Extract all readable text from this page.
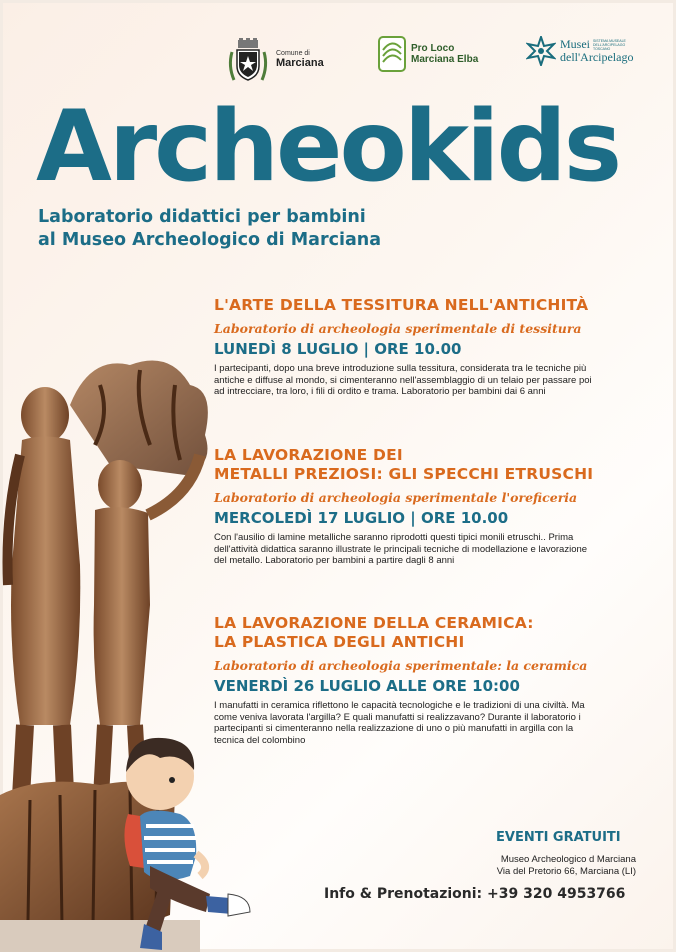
Comune di
Marciana
Pro Loco
Marciana Elba
Musei SISTEMA MUSEALE DELL'ARCIPELAGO TOSCANO
dell'Arcipelago
Archeokids
Laboratorio didattici per bambini
al Museo Archeologico di Marciana
L'ARTE DELLA TESSITURA NELL'ANTICHITÀ
Laboratorio di archeologia sperimentale di tessitura
LUNEDÌ 8 LUGLIO | ORE 10.00
I partecipanti, dopo una breve introduzione sulla tessitura, considerata tra le tecniche più antiche e diffuse al mondo, si cimenteranno nell'assemblaggio di un telaio per passare poi ad intrecciare, tra loro, i fili di ordito e trama. Laboratorio per bambini dai 6 anni
LA LAVORAZIONE DEI
METALLI PREZIOSI: GLI SPECCHI ETRUSCHI
Laboratorio di archeologia sperimentale l'oreficeria
MERCOLEDÌ 17 LUGLIO | ORE 10.00
Con l'ausilio di lamine metalliche saranno riprodotti questi tipici monili etruschi.. Prima dell'attività didattica saranno illustrate le principali tecniche di modellazione e lavorazione del metallo. Laboratorio per bambini a partire dagli 8 anni
LA LAVORAZIONE DELLA CERAMICA:
LA PLASTICA DEGLI ANTICHI
Laboratorio di archeologia sperimentale: la ceramica
VENERDÌ 26 LUGLIO ALLE ORE 10:00
I manufatti in ceramica riflettono le capacità tecnologiche e le tradizioni di una civiltà. Ma come veniva lavorata l'argilla? E quali manufatti si realizzavano? Durante il laboratorio i partecipanti si cimenteranno nella realizzazione di uno o più manufatti in argilla con la tecnica del colombino
EVENTI GRATUITI
Museo Archeologico d Marciana
Via del Pretorio 66, Marciana (LI)
Info & Prenotazioni: +39 320 4953766
